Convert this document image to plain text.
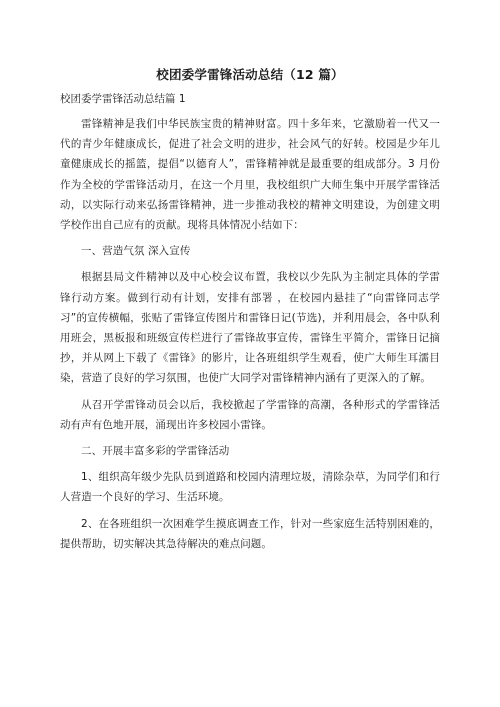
校团委学雷锋活动总结（12 篇）
校团委学雷锋活动总结篇 1

雷锋精神是我们中华民族宝贵的精神财富。四十多年来，它激励着一代又一代的青少年健康成长，促进了社会文明的进步，社会风气的好转。校园是少年儿童健康成长的摇篮，提倡“以德育人”，雷锋精神就是最重要的组成部分。3 月份作为全校的学雷锋活动月，在这一个月里，我校组织广大师生集中开展学雷锋活动，以实际行动来弘扬雷锋精神，进一步推动我校的精神文明建设，为创建文明学校作出自己应有的贡献。现将具体情况小结如下：

一、营造气氛 深入宣传

根据县局文件精神以及中心校会议布置，我校以少先队为主制定具体的学雷锋行动方案。做到行动有计划，安排有部署 ，在校园内悬挂了“向雷锋同志学习”的宣传横幅，张贴了雷锋宣传图片和雷锋日记(节选)，并利用晨会，各中队利用班会，黑板报和班级宣传栏进行了雷锋故事宣传，雷锋生平简介，雷锋日记摘抄，并从网上下载了《雷锋》的影片，让各班组织学生观看，使广大师生耳濡目染，营造了良好的学习氛围，也使广大同学对雷锋精神内涵有了更深入的了解。

从召开学雷锋动员会以后，我校掀起了学雷锋的高潮，各种形式的学雷锋活动有声有色地开展，涌现出许多校园小雷锋。

二、开展丰富多彩的学雷锋活动

1、组织高年级少先队员到道路和校园内清理垃圾，清除杂草，为同学们和行人营造一个良好的学习、生活环境。

2、在各班组织一次困难学生摸底调查工作，针对一些家庭生活特别困难的，提供帮助，切实解决其急待解决的难点问题。
